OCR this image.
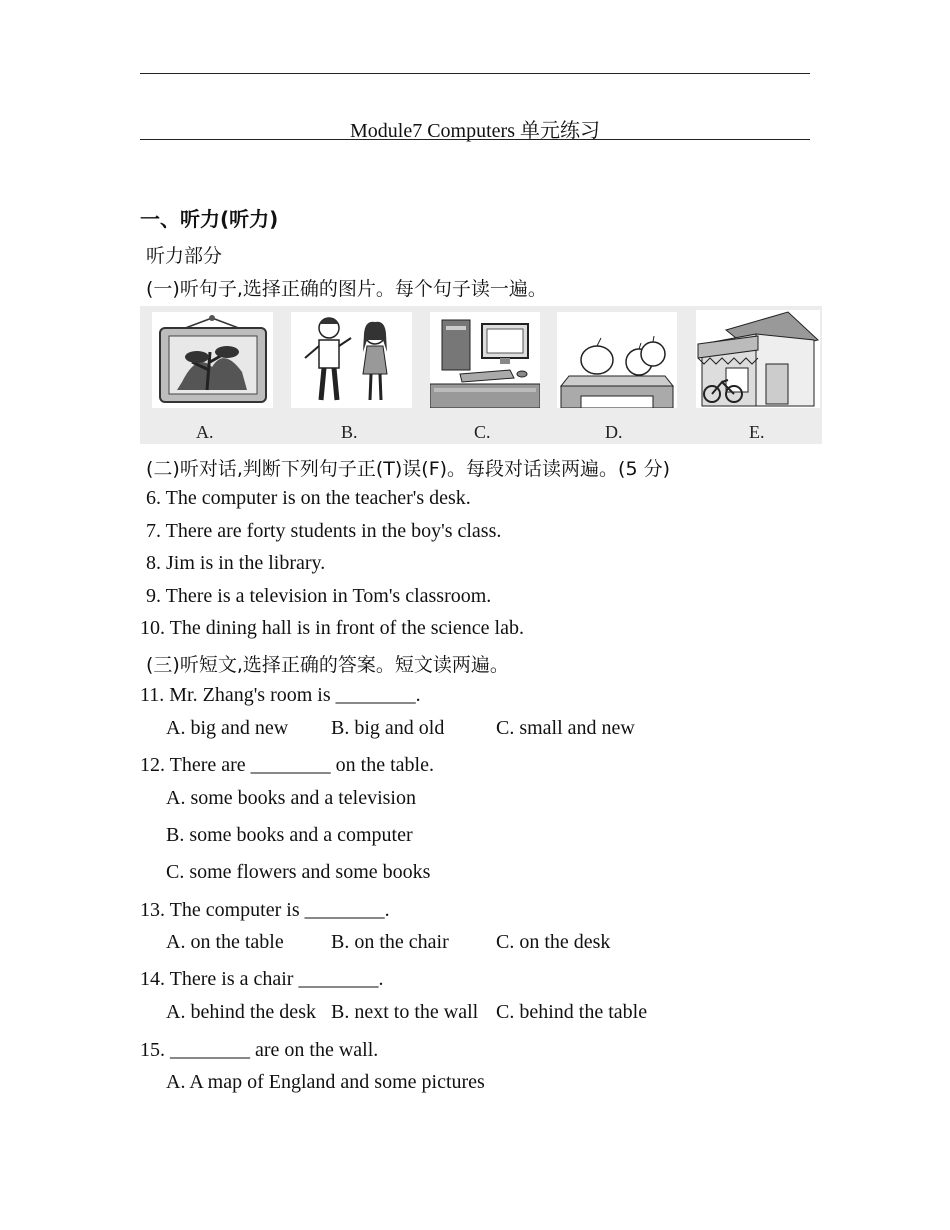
Module7 Computers 单元练习
一、听力(听力)
听力部分
(一)听句子,选择正确的图片。每个句子读一遍。
A.	B.	C.	D.	E.
(二)听对话,判断下列句子正(T)误(F)。每段对话读两遍。(5 分)
6. The computer is on the teacher's desk.
7. There are forty students in the boy's class.
8. Jim is in the library.
9. There is a television in Tom's classroom.
10. The dining hall is in front of the science lab.
(三)听短文,选择正确的答案。短文读两遍。
11. Mr. Zhang's room is ________.
A. big and new B. big and old	C. small and new
12. There are ________ on the table.
A. some books and a television
B. some books and a computer
C. some flowers and some books
13. The computer is ________.
A. on the table B. on the chair C. on the desk
14. There is a chair ________.
A. behind the desk B. next to the wall C. behind the table
15. ________ are on the wall.
A. A map of England and some pictures
